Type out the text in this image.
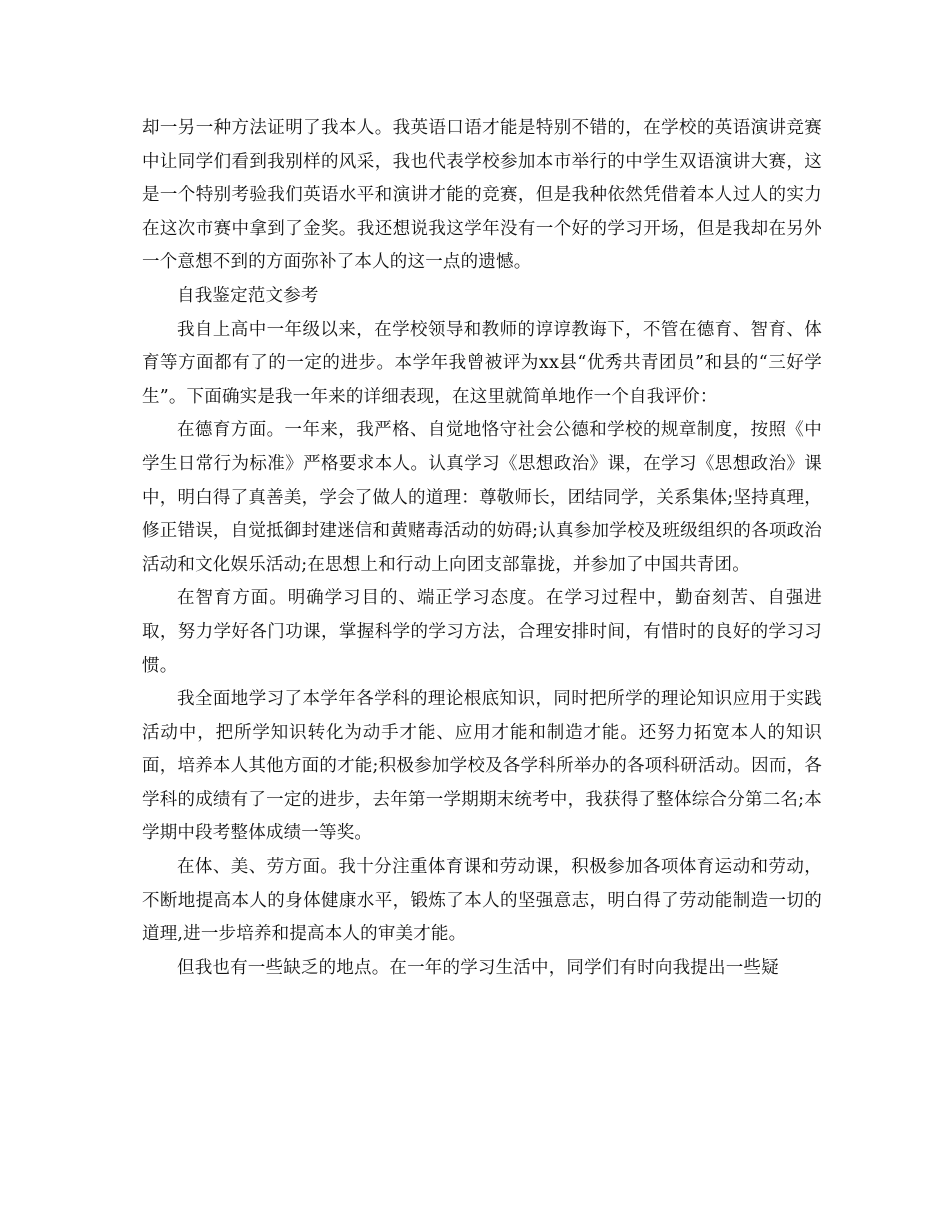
却一另一种方法证明了我本人。我英语口语才能是特别不错的，在学校的英语演讲竞赛中让同学们看到我别样的风采，我也代表学校参加本市举行的中学生双语演讲大赛，这是一个特别考验我们英语水平和演讲才能的竞赛，但是我种依然凭借着本人过人的实力在这次市赛中拿到了金奖。我还想说我这学年没有一个好的学习开场，但是我却在另外一个意想不到的方面弥补了本人的这一点的遗憾。

自我鉴定范文参考

我自上高中一年级以来，在学校领导和教师的谆谆教诲下，不管在德育、智育、体育等方面都有了的一定的进步。本学年我曾被评为xx县“优秀共青团员”和县的“三好学生”。下面确实是我一年来的详细表现，在这里就简单地作一个自我评价：

在德育方面。一年来，我严格、自觉地恪守社会公德和学校的规章制度，按照《中学生日常行为标准》严格要求本人。认真学习《思想政治》课，在学习《思想政治》课中，明白得了真善美，学会了做人的道理：尊敬师长，团结同学，关系集体;坚持真理，修正错误，自觉抵御封建迷信和黄赌毒活动的妨碍;认真参加学校及班级组织的各项政治活动和文化娱乐活动;在思想上和行动上向团支部靠拢，并参加了中国共青团。

在智育方面。明确学习目的、端正学习态度。在学习过程中，勤奋刻苦、自强进取，努力学好各门功课，掌握科学的学习方法，合理安排时间，有惜时的良好的学习习惯。

我全面地学习了本学年各学科的理论根底知识，同时把所学的理论知识应用于实践活动中，把所学知识转化为动手才能、应用才能和制造才能。还努力拓宽本人的知识面，培养本人其他方面的才能;积极参加学校及各学科所举办的各项科研活动。因而，各学科的成绩有了一定的进步，去年第一学期期末统考中，我获得了整体综合分第二名;本学期中段考整体成绩一等奖。

在体、美、劳方面。我十分注重体育课和劳动课，积极参加各项体育运动和劳动，不断地提高本人的身体健康水平，锻炼了本人的坚强意志，明白得了劳动能制造一切的道理,进一步培养和提高本人的审美才能。

但我也有一些缺乏的地点。在一年的学习生活中，同学们有时向我提出一些疑
